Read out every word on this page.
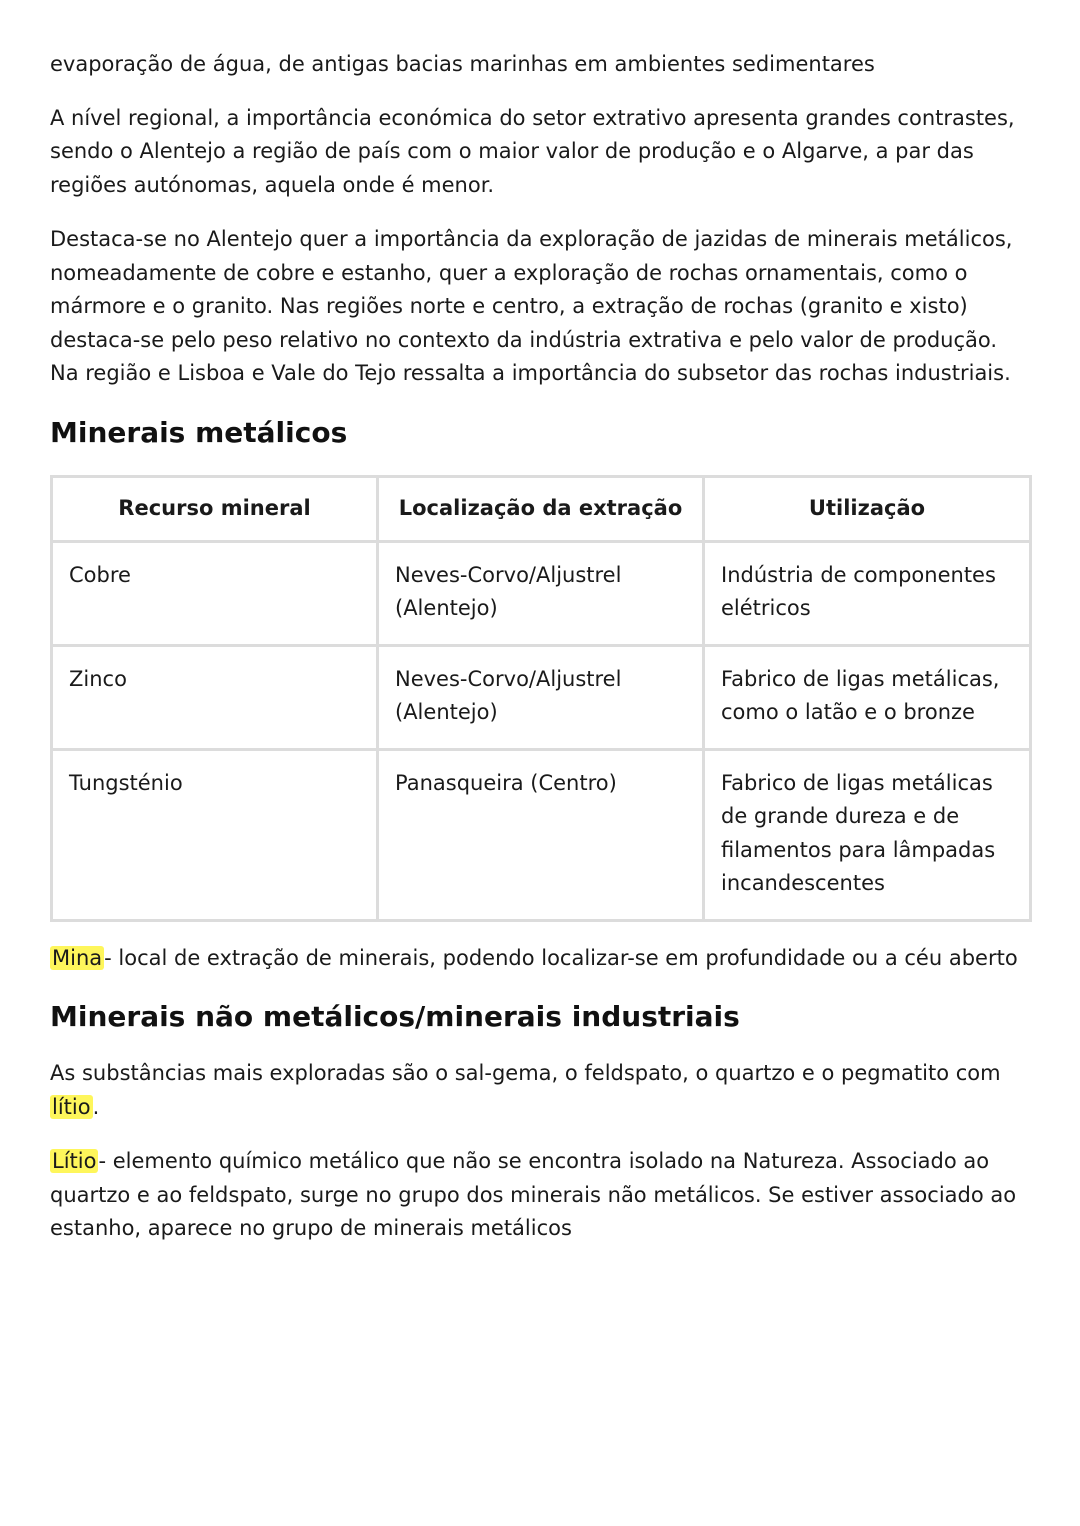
evaporação de água, de antigas bacias marinhas em ambientes sedimentares

A nível regional, a importância económica do setor extrativo apresenta grandes contrastes, sendo o Alentejo a região de país com o maior valor de produção e o Algarve, a par das regiões autónomas, aquela onde é menor.

Destaca-se no Alentejo quer a importância da exploração de jazidas de minerais metálicos, nomeadamente de cobre e estanho, quer a exploração de rochas ornamentais, como o mármore e o granito. Nas regiões norte e centro, a extração de rochas (granito e xisto) destaca-se pelo peso relativo no contexto da indústria extrativa e pelo valor de produção. Na região e Lisboa e Vale do Tejo ressalta a importância do subsetor das rochas industriais.

Minerais metálicos
Recurso mineral	Localização da extração	Utilização
Cobre	Neves-Corvo/Aljustrel (Alentejo)	Indústria de componentes elétricos
Zinco	Neves-Corvo/Aljustrel (Alentejo)	Fabrico de ligas metálicas, como o latão e o bronze
Tungsténio	Panasqueira (Centro)	Fabrico de ligas metálicas de grande dureza e de filamentos para lâmpadas incandescentes

Mina- local de extração de minerais, podendo localizar-se em profundidade ou a céu aberto

Minerais não metálicos/minerais industriais

As substâncias mais exploradas são o sal-gema, o feldspato, o quartzo e o pegmatito com lítio.

Lítio- elemento químico metálico que não se encontra isolado na Natureza. Associado ao quartzo e ao feldspato, surge no grupo dos minerais não metálicos. Se estiver associado ao estanho, aparece no grupo de minerais metálicos
